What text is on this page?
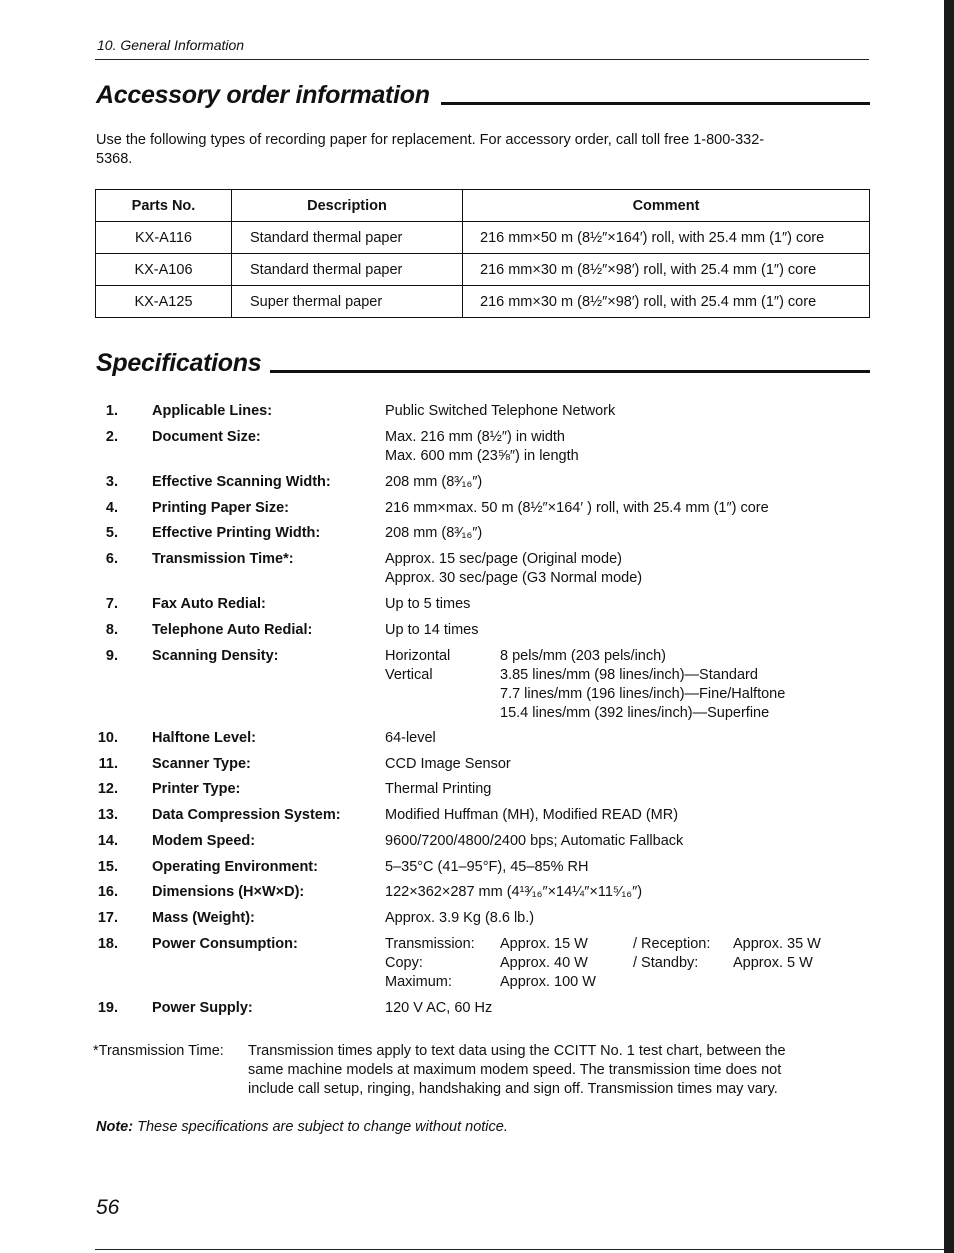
10. General Information
Accessory order information
Use the following types of recording paper for replacement. For accessory order, call toll free 1-800-332-5368.
Parts No.	Description	Comment
KX-A116	Standard thermal paper	216 mm×50 m (8½″×164′) roll, with 25.4 mm (1″) core
KX-A106	Standard thermal paper	216 mm×30 m (8½″×98′) roll, with 25.4 mm (1″) core
KX-A125	Super thermal paper	216 mm×30 m (8½″×98′) roll, with 25.4 mm (1″) core
Specifications
1. Applicable Lines:	Public Switched Telephone Network
2. Document Size:	Max. 216 mm (8½″) in width
Max. 600 mm (23⅝″) in length
3. Effective Scanning Width:	208 mm (8³⁄₁₆″)
4. Printing Paper Size:	216 mm×max. 50 m (8½″×164′ ) roll, with 25.4 mm (1″) core
5. Effective Printing Width:	208 mm (8³⁄₁₆″)
6. Transmission Time*:	Approx. 15 sec/page (Original mode)
Approx. 30 sec/page (G3 Normal mode)
7. Fax Auto Redial:	Up to 5 times
8. Telephone Auto Redial:	Up to 14 times
9. Scanning Density:	Horizontal	8 pels/mm (203 pels/inch)
Vertical	3.85 lines/mm (98 lines/inch)—Standard
7.7 lines/mm (196 lines/inch)—Fine/Halftone
15.4 lines/mm (392 lines/inch)—Superfine
10. Halftone Level:	64-level
11. Scanner Type:	CCD Image Sensor
12. Printer Type:	Thermal Printing
13. Data Compression System:	Modified Huffman (MH), Modified READ (MR)
14. Modem Speed:	9600/7200/4800/2400 bps; Automatic Fallback
15. Operating Environment:	5–35°C (41–95°F), 45–85% RH
16. Dimensions (H×W×D):	122×362×287 mm (4¹³⁄₁₆″×14¼″×11⁵⁄₁₆″)
17. Mass (Weight):	Approx. 3.9 Kg (8.6 lb.)
18. Power Consumption:	Transmission: Approx. 15 W	/ Reception: Approx. 35 W
Copy:	Approx. 40 W	/ Standby: Approx. 5 W
Maximum:	Approx. 100 W
19. Power Supply:	120 V AC, 60 Hz
*Transmission Time: Transmission times apply to text data using the CCITT No. 1 test chart, between the
same machine models at maximum modem speed. The transmission time does not
include call setup, ringing, handshaking and sign off. Transmission times may vary.
Note: These specifications are subject to change without notice.
56
